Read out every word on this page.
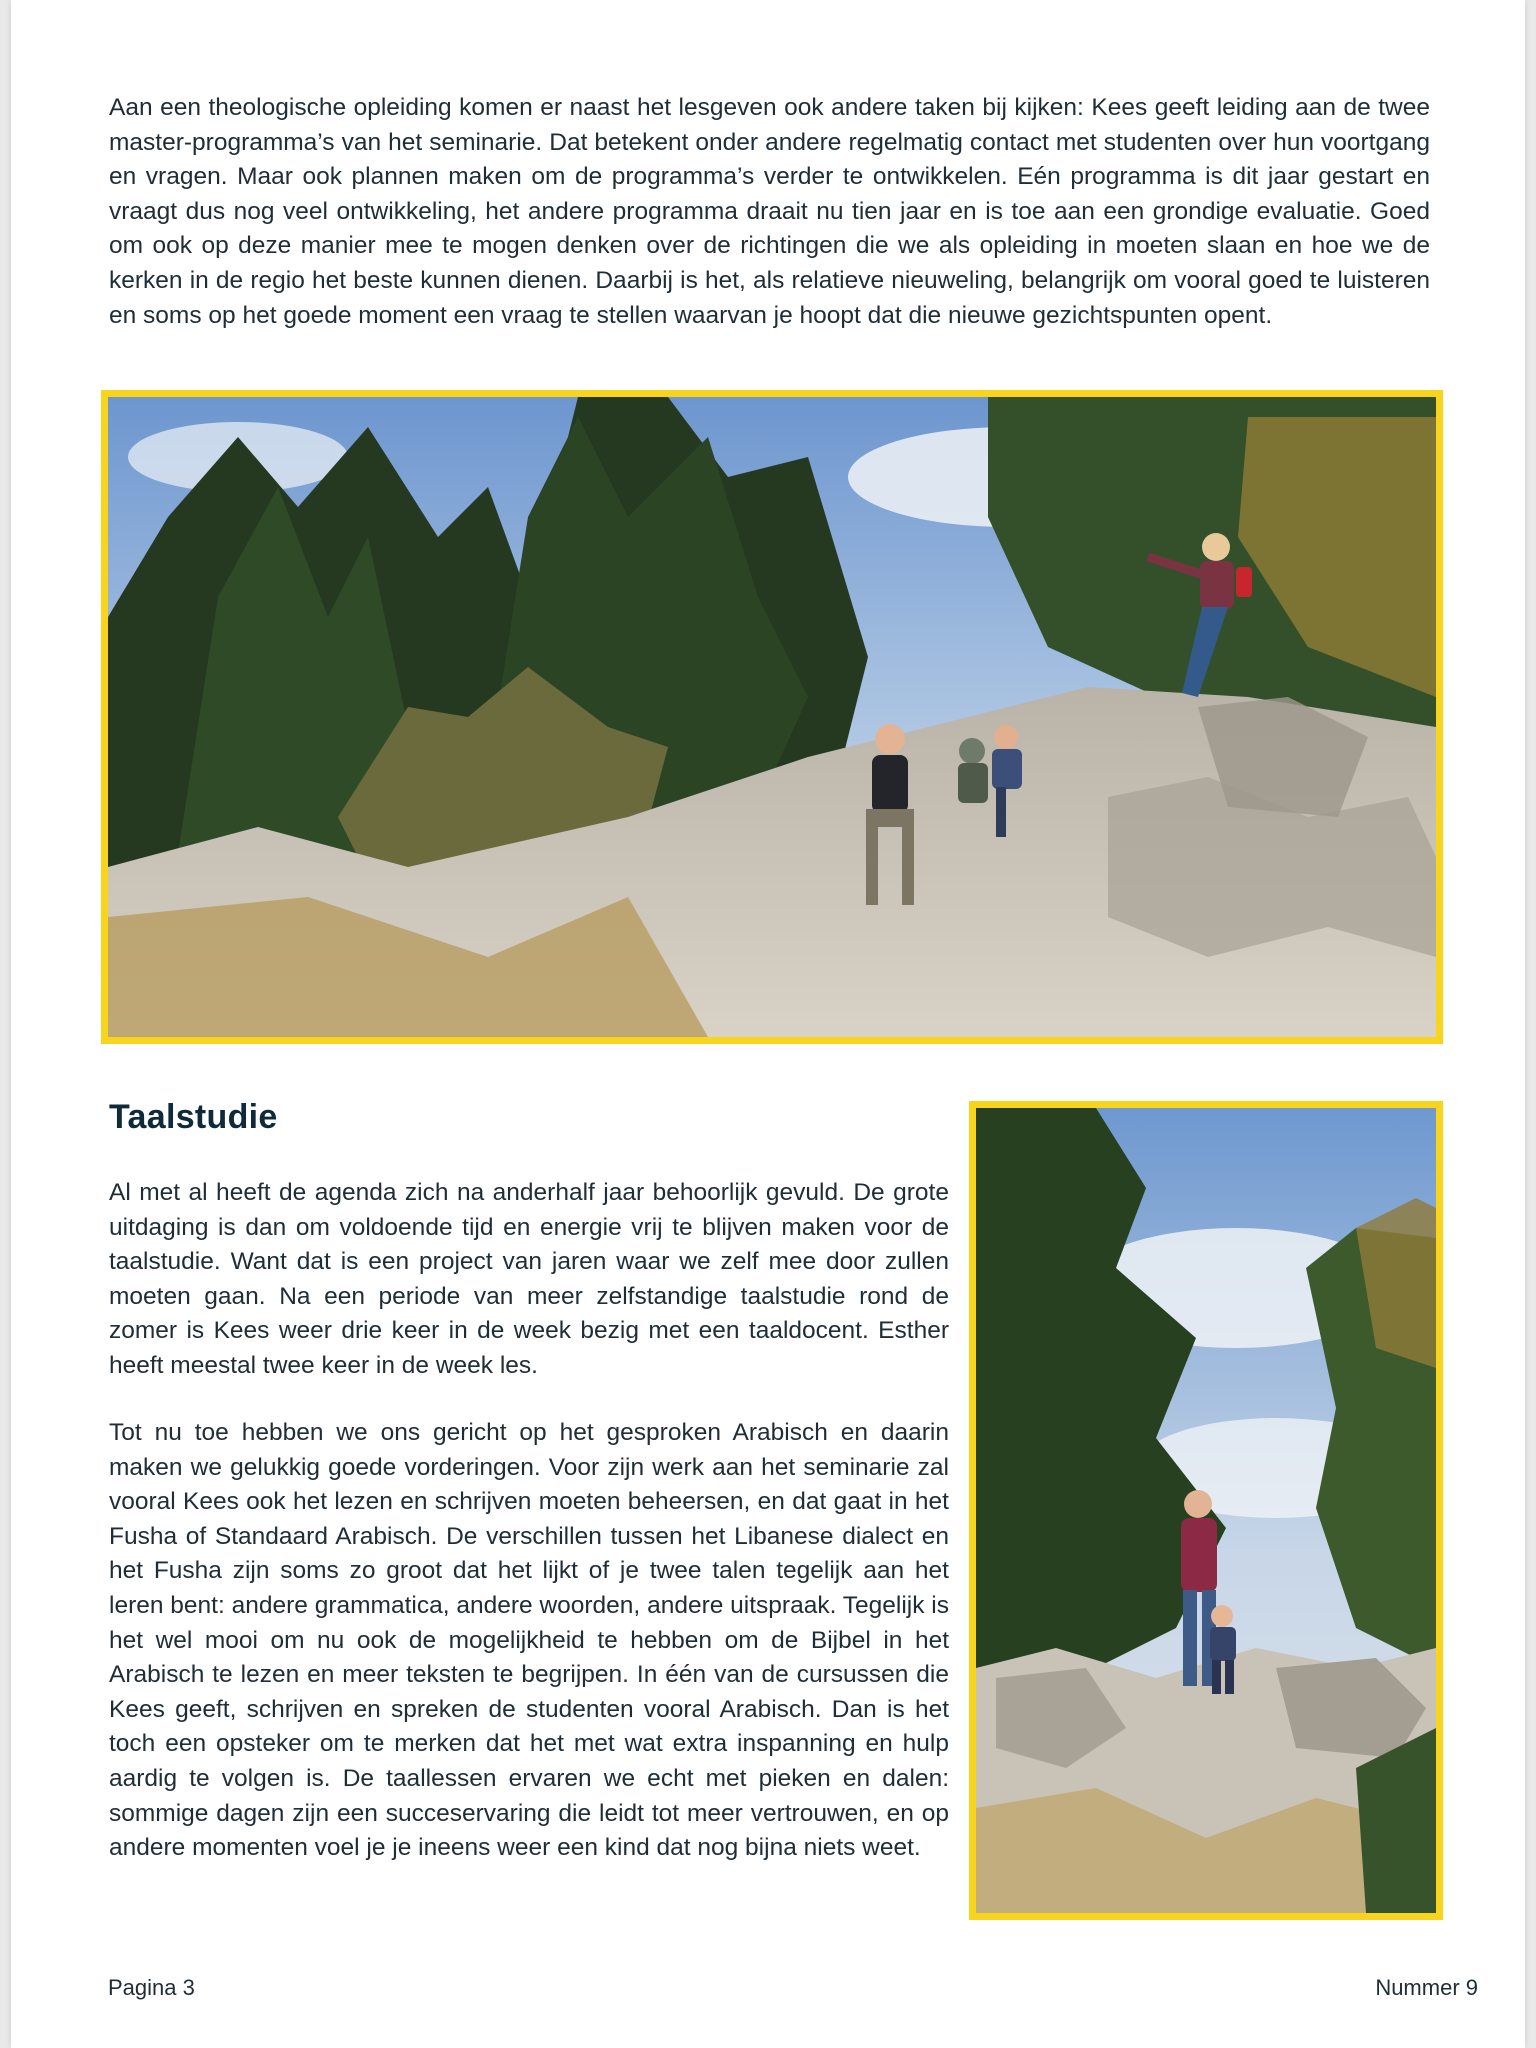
Aan een theologische opleiding komen er naast het lesgeven ook andere taken bij kijken: Kees geeft leiding aan de twee master-programma’s van het seminarie. Dat betekent onder andere regelmatig contact met studenten over hun voortgang en vragen. Maar ook plannen maken om de programma’s verder te ontwikkelen. Eén programma is dit jaar gestart en vraagt dus nog veel ontwikkeling, het andere programma draait nu tien jaar en is toe aan een grondige evaluatie. Goed om ook op deze manier mee te mogen denken over de richtingen die we als opleiding in moeten slaan en hoe we de kerken in de regio het beste kunnen dienen. Daarbij is het, als relatieve nieuweling, belangrijk om vooral goed te luisteren en soms op het goede moment een vraag te stellen waarvan je hoopt dat die nieuwe gezichtspunten opent.

Taalstudie

Al met al heeft de agenda zich na anderhalf jaar behoorlijk gevuld. De grote uitdaging is dan om voldoende tijd en energie vrij te blijven maken voor de taalstudie. Want dat is een project van jaren waar we zelf mee door zullen moeten gaan. Na een periode van meer zelfstandige taalstudie rond de zomer is Kees weer drie keer in de week bezig met een taaldocent. Esther heeft meestal twee keer in de week les.

Tot nu toe hebben we ons gericht op het gesproken Arabisch en daarin maken we gelukkig goede vorderingen. Voor zijn werk aan het seminarie zal vooral Kees ook het lezen en schrijven moeten beheersen, en dat gaat in het Fusha of Standaard Arabisch. De verschillen tussen het Libanese dialect en het Fusha zijn soms zo groot dat het lijkt of je twee talen tegelijk aan het leren bent: andere grammatica, andere woorden, andere uitspraak. Tegelijk is het wel mooi om nu ook de mogelijkheid te hebben om de Bijbel in het Arabisch te lezen en meer teksten te begrijpen. In één van de cursussen die Kees geeft, schrijven en spreken de studenten vooral Arabisch. Dan is het toch een opsteker om te merken dat het met wat extra inspanning en hulp aardig te volgen is. De taallessen ervaren we echt met pieken en dalen: sommige dagen zijn een succeservaring die leidt tot meer vertrouwen, en op andere momenten voel je je ineens weer een kind dat nog bijna niets weet.

Pagina 3	Nummer 9
